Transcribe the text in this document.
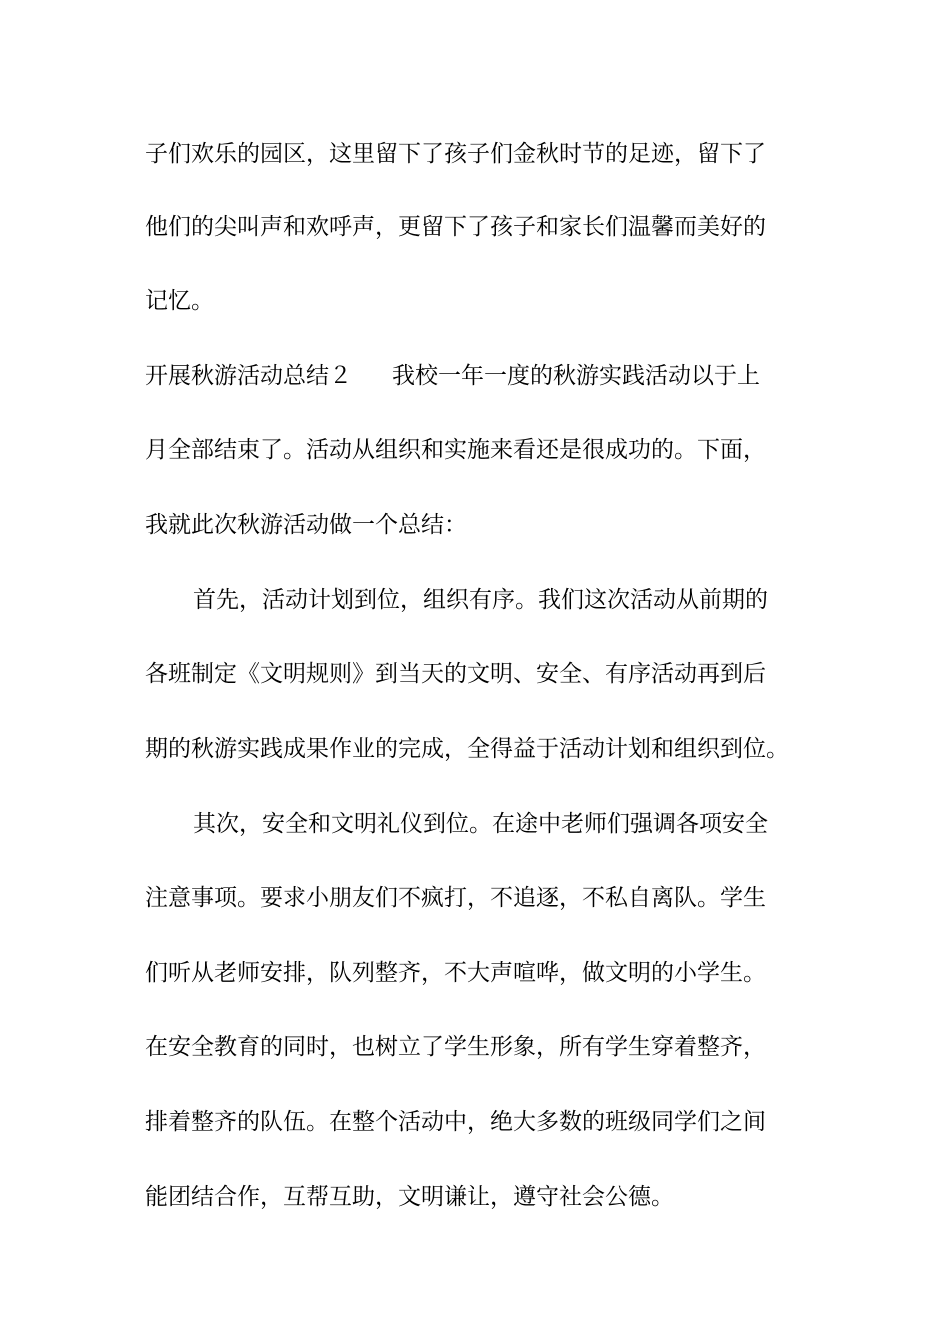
子们欢乐的园区，这里留下了孩子们金秋时节的足迹，留下了
他们的尖叫声和欢呼声，更留下了孩子和家长们温馨而美好的
记忆。
开展秋游活动总结２ 我校一年一度的秋游实践活动以于上
月全部结束了。活动从组织和实施来看还是很成功的。下面，
我就此次秋游活动做一个总结：
首先，活动计划到位，组织有序。我们这次活动从前期的
各班制定《文明规则》到当天的文明、安全、有序活动再到后
期的秋游实践成果作业的完成，全得益于活动计划和组织到位。
其次，安全和文明礼仪到位。在途中老师们强调各项安全
注意事项。要求小朋友们不疯打，不追逐，不私自离队。学生
们听从老师安排，队列整齐，不大声喧哗，做文明的小学生。
在安全教育的同时，也树立了学生形象，所有学生穿着整齐，
排着整齐的队伍。在整个活动中，绝大多数的班级同学们之间
能团结合作，互帮互助，文明谦让，遵守社会公德。
